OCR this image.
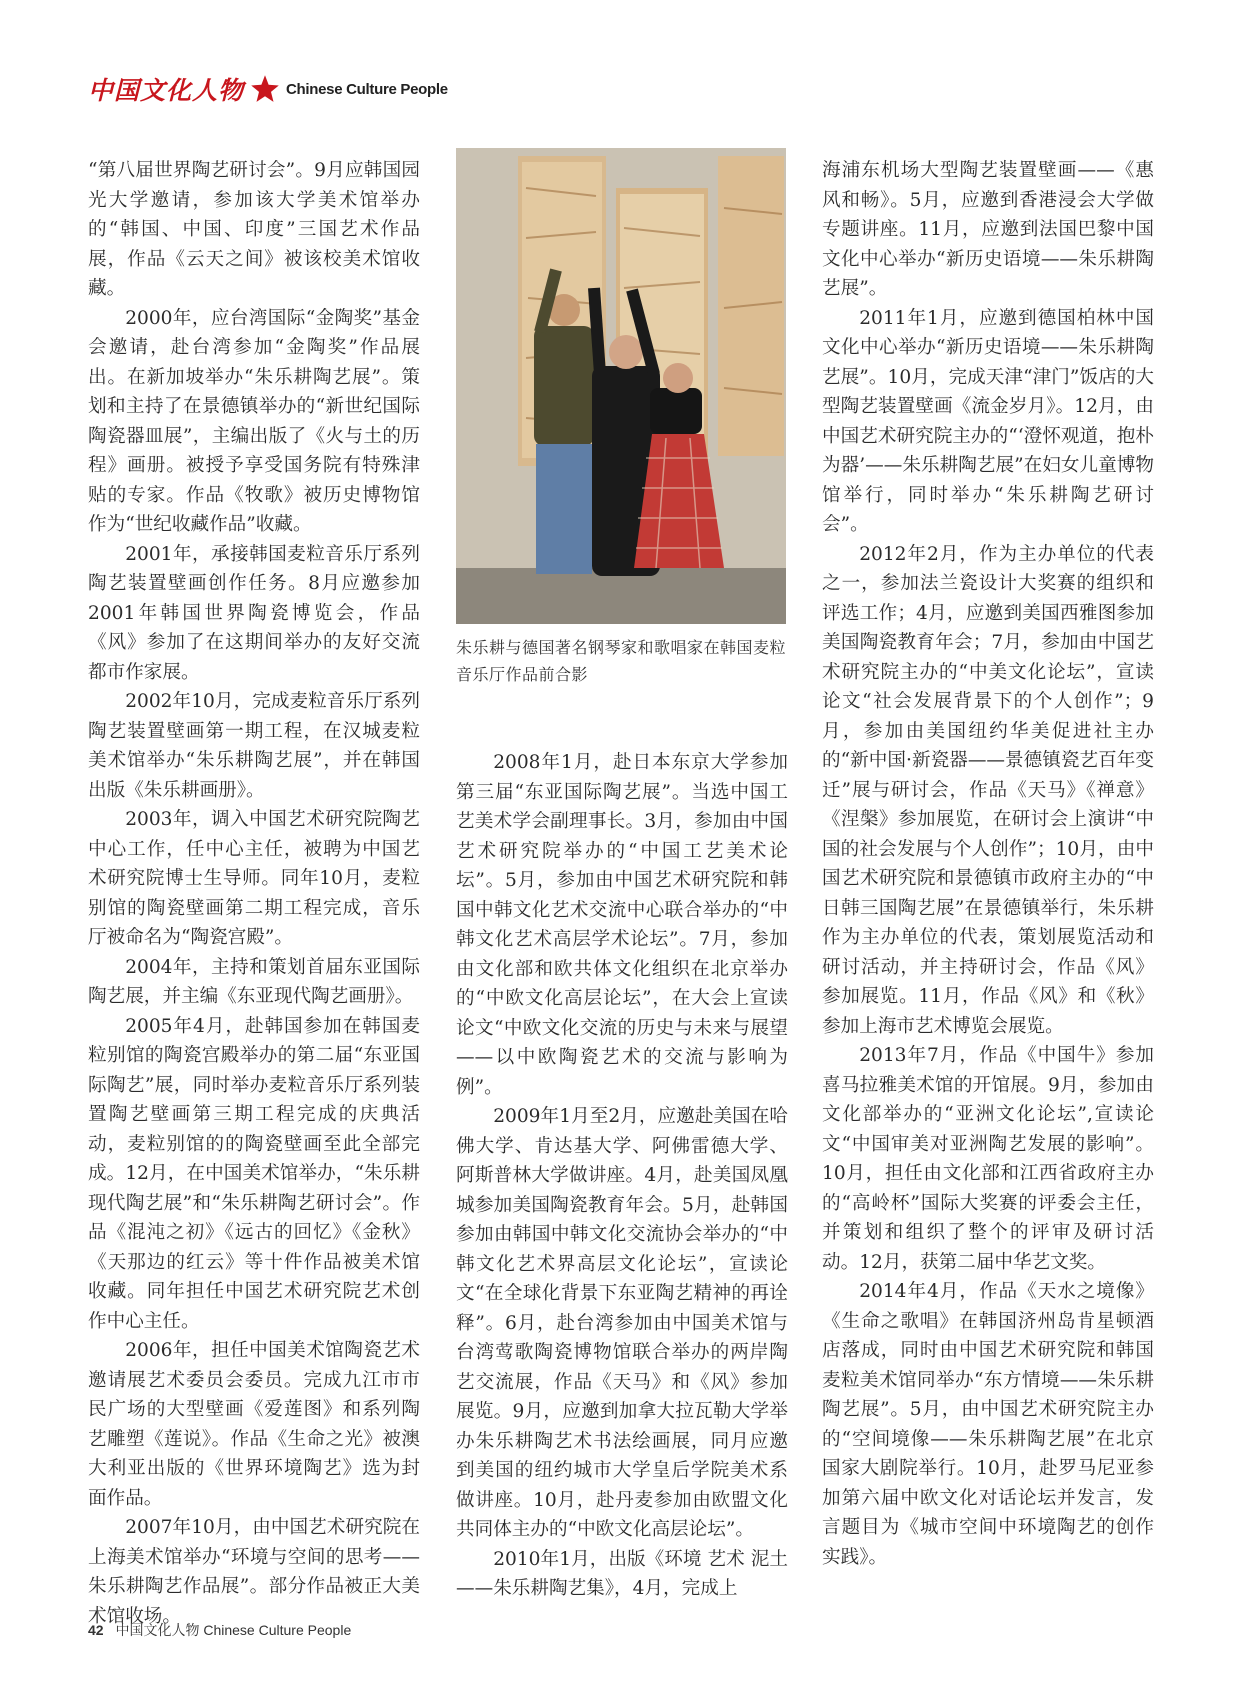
中国文化人物	Chinese Culture People

“第八届世界陶艺研讨会”。9月应韩国园光大学邀请，参加该大学美术馆举办的“韩国、中国、印度”三国艺术作品展，作品《云天之间》被该校美术馆收藏。

2000年，应台湾国际“金陶奖”基金会邀请，赴台湾参加“金陶奖”作品展出。在新加坡举办“朱乐耕陶艺展”。策划和主持了在景德镇举办的“新世纪国际陶瓷器皿展”，主编出版了《火与土的历程》画册。被授予享受国务院有特殊津贴的专家。作品《牧歌》被历史博物馆作为“世纪收藏作品”收藏。

2001年，承接韩国麦粒音乐厅系列陶艺装置壁画创作任务。8月应邀参加2001年韩国世界陶瓷博览会，作品《风》参加了在这期间举办的友好交流都市作家展。

2002年10月，完成麦粒音乐厅系列陶艺装置壁画第一期工程，在汉城麦粒美术馆举办“朱乐耕陶艺展”，并在韩国出版《朱乐耕画册》。

2003年，调入中国艺术研究院陶艺中心工作，任中心主任，被聘为中国艺术研究院博士生导师。同年10月，麦粒别馆的陶瓷壁画第二期工程完成，音乐厅被命名为“陶瓷宫殿”。

2004年，主持和策划首届东亚国际陶艺展，并主编《东亚现代陶艺画册》。

2005年4月，赴韩国参加在韩国麦粒别馆的陶瓷宫殿举办的第二届“东亚国际陶艺”展，同时举办麦粒音乐厅系列装置陶艺壁画第三期工程完成的庆典活动，麦粒别馆的的陶瓷壁画至此全部完成。12月，在中国美术馆举办，“朱乐耕现代陶艺展”和“朱乐耕陶艺研讨会”。作品《混沌之初》《远古的回忆》《金秋》《天那边的红云》等十件作品被美术馆收藏。同年担任中国艺术研究院艺术创作中心主任。

2006年，担任中国美术馆陶瓷艺术邀请展艺术委员会委员。完成九江市市民广场的大型壁画《爱莲图》和系列陶艺雕塑《莲说》。作品《生命之光》被澳大利亚出版的《世界环境陶艺》选为封面作品。

2007年10月，由中国艺术研究院在上海美术馆举办“环境与空间的思考——朱乐耕陶艺作品展”。部分作品被正大美术馆收场。

朱乐耕与德国著名钢琴家和歌唱家在韩国麦粒音乐厅作品前合影

2008年1月，赴日本东京大学参加第三届“东亚国际陶艺展”。当选中国工艺美术学会副理事长。3月，参加由中国艺术研究院举办的“中国工艺美术论坛”。5月，参加由中国艺术研究院和韩国中韩文化艺术交流中心联合举办的“中韩文化艺术高层学术论坛”。7月，参加由文化部和欧共体文化组织在北京举办的“中欧文化高层论坛”，在大会上宣读论文“中欧文化交流的历史与未来与展望——以中欧陶瓷艺术的交流与影响为例”。

2009年1月至2月，应邀赴美国在哈佛大学、肯达基大学、阿佛雷德大学、阿斯普林大学做讲座。4月，赴美国凤凰城参加美国陶瓷教育年会。5月，赴韩国参加由韩国中韩文化交流协会举办的“中韩文化艺术界高层文化论坛”，宣读论文“在全球化背景下东亚陶艺精神的再诠释”。6月，赴台湾参加由中国美术馆与台湾莺歌陶瓷博物馆联合举办的两岸陶艺交流展，作品《天马》和《风》参加展览。9月，应邀到加拿大拉瓦勒大学举办朱乐耕陶艺术书法绘画展，同月应邀到美国的纽约城市大学皇后学院美术系做讲座。10月，赴丹麦参加由欧盟文化共同体主办的“中欧文化高层论坛”。

2010年1月，出版《环境 艺术 泥土——朱乐耕陶艺集》，4月，完成上

海浦东机场大型陶艺装置壁画——《惠风和畅》。5月，应邀到香港浸会大学做专题讲座。11月，应邀到法国巴黎中国文化中心举办“新历史语境——朱乐耕陶艺展”。

2011年1月，应邀到德国柏林中国文化中心举办“新历史语境——朱乐耕陶艺展”。10月，完成天津“津门”饭店的大型陶艺装置壁画《流金岁月》。12月，由中国艺术研究院主办的“‘澄怀观道，抱朴为器’——朱乐耕陶艺展”在妇女儿童博物馆举行，同时举办“朱乐耕陶艺研讨会”。

2012年2月，作为主办单位的代表之一，参加法兰瓷设计大奖赛的组织和评选工作；4月，应邀到美国西雅图参加美国陶瓷教育年会；7月，参加由中国艺术研究院主办的“中美文化论坛”，宣读论文“社会发展背景下的个人创作”；9月，参加由美国纽约华美促进社主办的“新中国·新瓷器——景德镇瓷艺百年变迁”展与研讨会，作品《天马》《禅意》《涅槃》参加展览，在研讨会上演讲“中国的社会发展与个人创作”；10月，由中国艺术研究院和景德镇市政府主办的“中日韩三国陶艺展”在景德镇举行，朱乐耕作为主办单位的代表，策划展览活动和研讨活动，并主持研讨会，作品《风》参加展览。11月，作品《风》和《秋》参加上海市艺术博览会展览。

2013年7月，作品《中国牛》参加喜马拉雅美术馆的开馆展。9月，参加由文化部举办的“亚洲文化论坛”,宣读论文“中国审美对亚洲陶艺发展的影响”。10月，担任由文化部和江西省政府主办的“高岭杯”国际大奖赛的评委会主任，并策划和组织了整个的评审及研讨活动。12月，获第二届中华艺文奖。

2014年4月，作品《天水之境像》《生命之歌唱》在韩国济州岛肯星顿酒店落成，同时由中国艺术研究院和韩国麦粒美术馆同举办“东方情境——朱乐耕陶艺展”。5月，由中国艺术研究院主办的“空间境像——朱乐耕陶艺展”在北京国家大剧院举行。10月，赴罗马尼亚参加第六届中欧文化对话论坛并发言，发言题目为《城市空间中环境陶艺的创作实践》。

42 中国文化人物 Chinese Culture People
